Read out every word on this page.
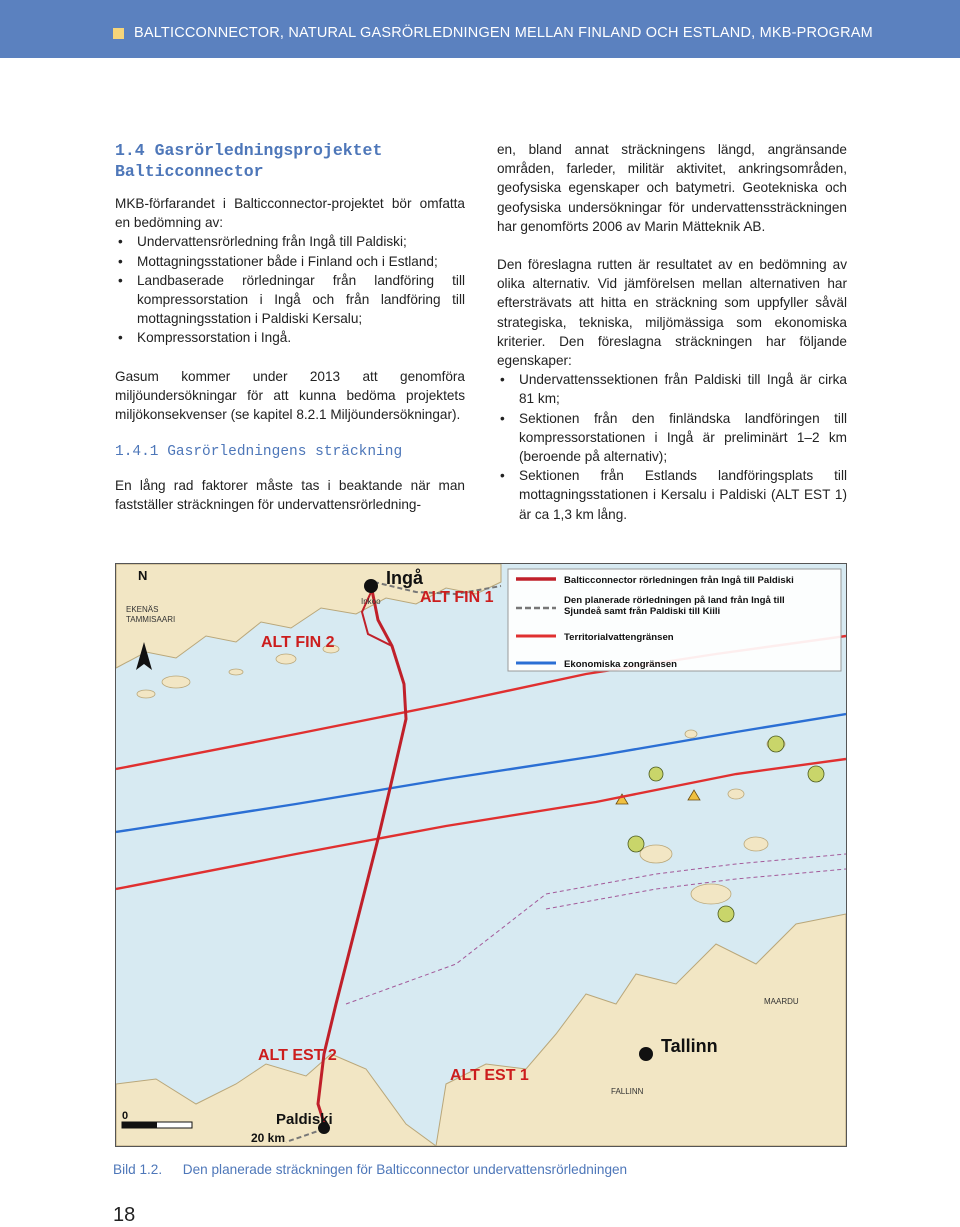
BALTICCONNECTOR, NATURAL GASRÖRLEDNINGEN MELLAN FINLAND OCH ESTLAND, MKB-PROGRAM
1.4 Gasrörledningsprojektet Balticconnector

MKB-förfarandet i Balticconnector-projektet bör omfatta en bedömning av:

• Undervattensrörledning från Ingå till Paldiski;
• Mottagningsstationer både i Finland och i Estland;
• Landbaserade rörledningar från landföring till kompressorstation i Ingå och från landföring till mottagningsstation i Paldiski Kersalu;
• Kompressorstation i Ingå.

Gasum kommer under 2013 att genomföra miljöundersökningar för att kunna bedöma projektets miljökonsekvenser (se kapitel 8.2.1 Miljöundersökningar).

1.4.1 Gasrörledningens sträckning

En lång rad faktorer måste tas i beaktande när man fastställer sträckningen för undervattensrörledning-

en, bland annat sträckningens längd, angränsande områden, farleder, militär aktivitet, ankringsområden, geofysiska egenskaper och batymetri. Geotekniska och geofysiska undersökningar för undervattenssträckningen har genomförts 2006 av Marin Mätteknik AB.

Den föreslagna rutten är resultatet av en bedömning av olika alternativ. Vid jämförelsen mellan alternativen har eftersträvats att hitta en sträckning som uppfyller såväl strategiska, tekniska, miljömässiga som ekonomiska kriterier. Den föreslagna sträckningen har följande egenskaper:

• Undervattenssektionen från Paldiski till Ingå är cirka 81 km;
• Sektionen från den finländska landföringen till kompressorstationen i Ingå är preliminärt 1–2 km (beroende på alternativ);
• Sektionen från Estlands landföringsplats till mottagningsstationen i Kersalu i Paldiski (ALT EST 1) är ca 1,3 km lång.
Balticconnector rörledningen från Ingå till Paldiski
Den planerade rörledningen på land från Ingå till Sjundeå samt från Paldiski till Kiili
Territorialvattengränsen
Ekonomiska zongränsen
N	Ingå
ALT FIN 1
ALT FIN 2
ALT EST 2
ALT EST 1
Tallinn
Paldiski
0
20 km
EKENÄS
TAMMISAARI
Inkoo
MAARDU
FALLINN
Bild 1.2. Den planerade sträckningen för Balticconnector undervattensrörledningen
18
